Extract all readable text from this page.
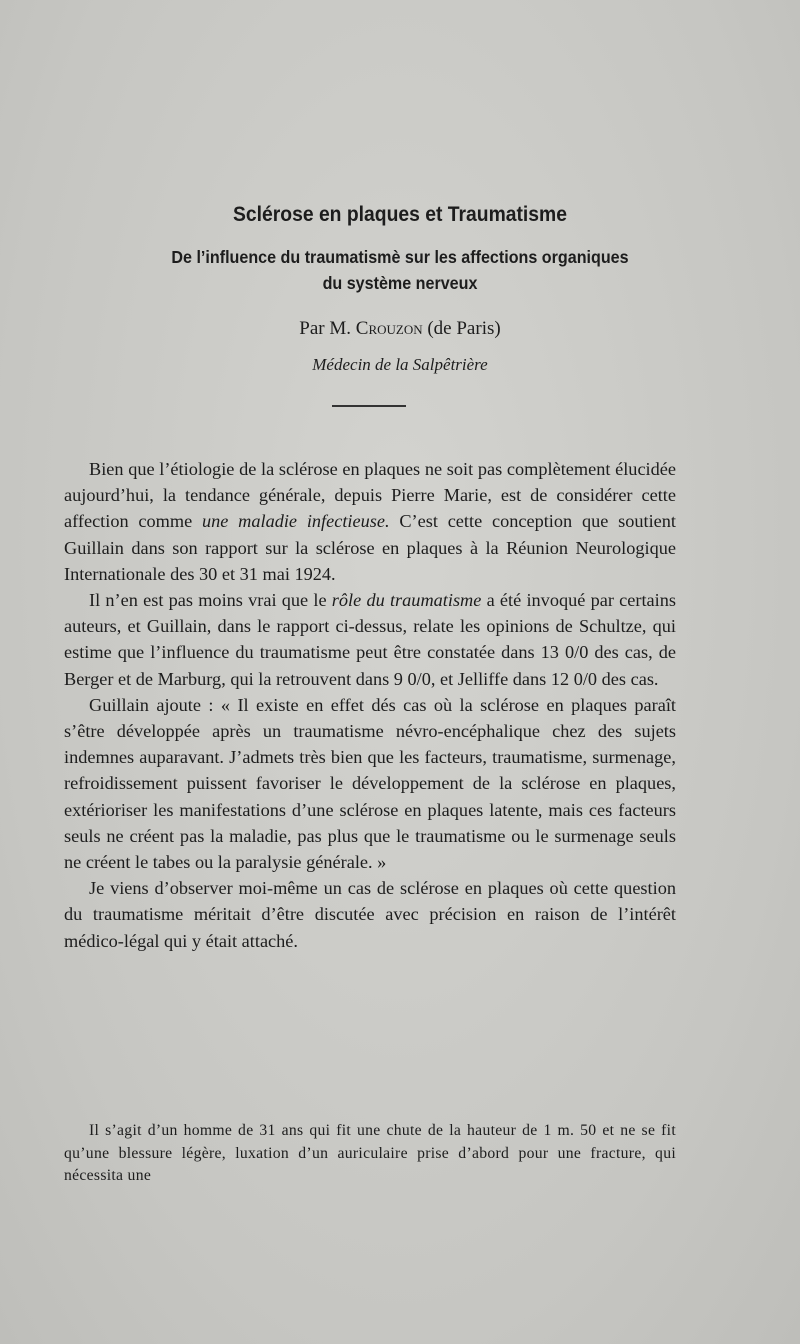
Sclérose en plaques et Traumatisme
De l’influence du traumatismè sur les affections organiques
du système nerveux
Par M. Crouzon (de Paris)
Médecin de la Salpêtrière

Bien que l’étiologie de la sclérose en plaques ne soit pas complètement élucidée aujourd’hui, la tendance générale, depuis Pierre Marie, est de considérer cette affection comme une maladie infectieuse. C’est cette conception que soutient Guillain dans son rapport sur la sclérose en plaques à la Réunion Neurologique Internationale des 30 et 31 mai 1924.

Il n’en est pas moins vrai que le rôle du traumatisme a été invoqué par certains auteurs, et Guillain, dans le rapport ci-dessus, relate les opinions de Schultze, qui estime que l’influence du traumatisme peut être constatée dans 13 0/0 des cas, de Berger et de Marburg, qui la retrouvent dans 9 0/0, et Jelliffe dans 12 0/0 des cas.

Guillain ajoute : « Il existe en effet dés cas où la sclérose en plaques paraît s’être développée après un traumatisme névro-encéphalique chez des sujets indemnes auparavant. J’admets très bien que les facteurs, traumatisme, surmenage, refroidissement puissent favoriser le développement de la sclérose en plaques, extérioriser les manifestations d’une sclérose en plaques latente, mais ces facteurs seuls ne créent pas la maladie, pas plus que le traumatisme ou le surmenage seuls ne créent le tabes ou la paralysie générale. »

Je viens d’observer moi-même un cas de sclérose en plaques où cette question du traumatisme méritait d’être discutée avec précision en raison de l’intérêt médico-légal qui y était attaché.

Il s’agit d’un homme de 31 ans qui fit une chute de la hauteur de 1 m. 50 et ne se fit qu’une blessure légère, luxation d’un auriculaire prise d’abord pour une fracture, qui nécessita une
